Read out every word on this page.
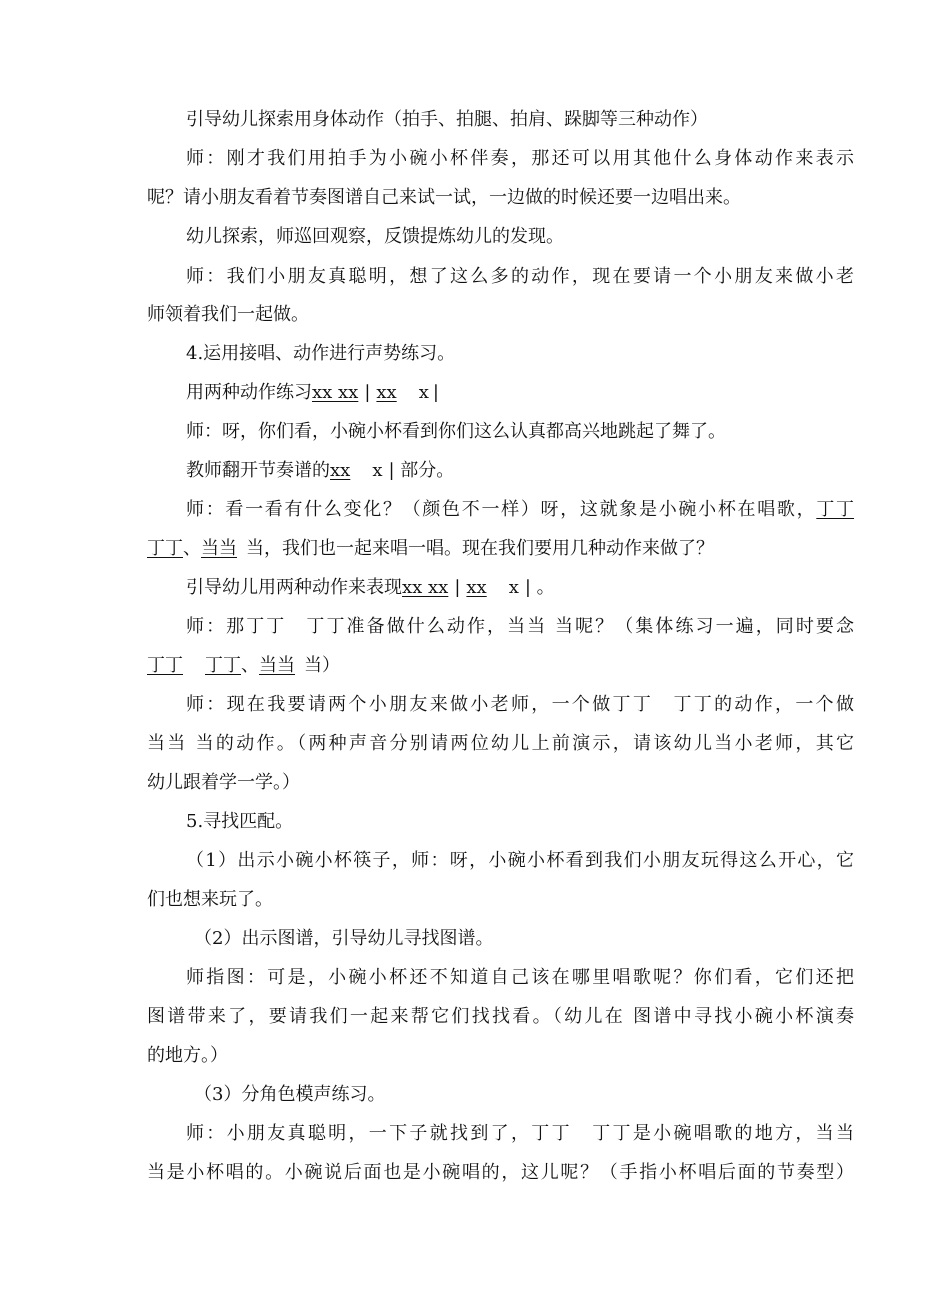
引导幼儿探索用身体动作（拍手、拍腿、拍肩、跺脚等三种动作）
师：刚才我们用拍手为小碗小杯伴奏，那还可以用其他什么身体动作来表示
呢？请小朋友看着节奏图谱自己来试一试，一边做的时候还要一边唱出来。
幼儿探索，师巡回观察，反馈提炼幼儿的发现。
师：我们小朋友真聪明，想了这么多的动作，现在要请一个小朋友来做小老
师领着我们一起做。
4.运用接唱、动作进行声势练习。
用两种动作练习xx xx | xx x |
师：呀，你们看，小碗小杯看到你们这么认真都高兴地跳起了舞了。
教师翻开节奏谱的xx x | 部分。
师：看一看有什么变化？（颜色不一样）呀，这就象是小碗小杯在唱歌，丁丁
丁丁、当当 当，我们也一起来唱一唱。现在我们要用几种动作来做了？
引导幼儿用两种动作来表现xx xx | xx x | 。
师：那丁丁　丁丁准备做什么动作，当当 当呢？（集体练习一遍，同时要念
丁丁 丁丁、当当 当）
师：现在我要请两个小朋友来做小老师，一个做丁丁　丁丁的动作，一个做
当当 当的动作。（两种声音分别请两位幼儿上前演示，请该幼儿当小老师，其它
幼儿跟着学一学。）
5.寻找匹配。
（1）出示小碗小杯筷子，师：呀，小碗小杯看到我们小朋友玩得这么开心，它
们也想来玩了。
（2）出示图谱，引导幼儿寻找图谱。
师指图：可是，小碗小杯还不知道自己该在哪里唱歌呢？你们看，它们还把
图谱带来了，要请我们一起来帮它们找找看。（幼儿在 图谱中寻找小碗小杯演奏
的地方。）
（3）分角色模声练习。
师：小朋友真聪明，一下子就找到了，丁丁　丁丁是小碗唱歌的地方，当当
当是小杯唱的。小碗说后面也是小碗唱的，这儿呢？（手指小杯唱后面的节奏型）
